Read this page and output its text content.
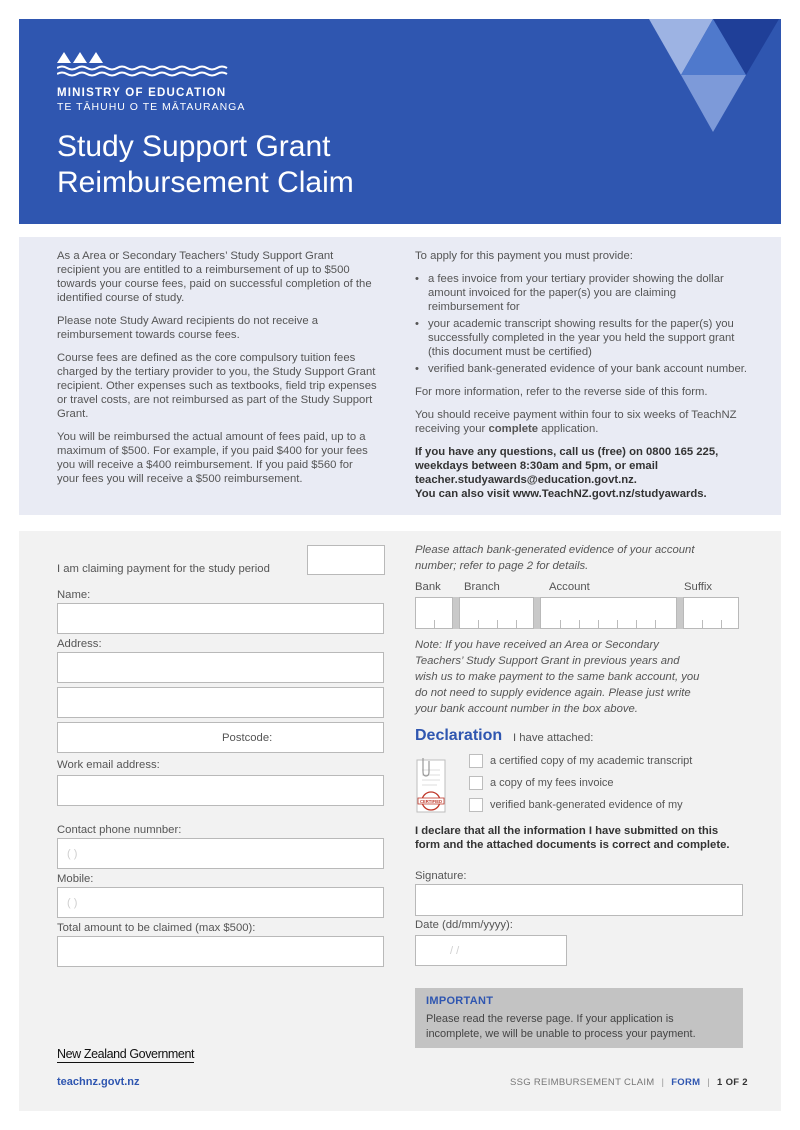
MINISTRY OF EDUCATION
TE TĀHUHU O TE MĀTAURANGA
Study Support Grant
Reimbursement Claim

As a Area or Secondary Teachers’ Study Support Grant recipient you are entitled to a reimbursement of up to $500 towards your course fees, paid on successful completion of the identified course of study.

Please note Study Award recipients do not receive a reimbursement towards course fees.

Course fees are defined as the core compulsory tuition fees charged by the tertiary provider to you, the Study Support Grant recipient. Other expenses such as textbooks, field trip expenses or travel costs, are not reimbursed as part of the Study Support Grant.

You will be reimbursed the actual amount of fees paid, up to a maximum of $500. For example, if you paid $400 for your fees you will receive a $400 reimbursement. If you paid $560 for your fees you will receive a $500 reimbursement.

To apply for this payment you must provide:

• a fees invoice from your tertiary provider showing the dollar amount invoiced for the paper(s) you are claiming reimbursement for
• your academic transcript showing results for the paper(s) you successfully completed in the year you held the support grant (this document must be certified)
• verified bank-generated evidence of your bank account number.

For more information, refer to the reverse side of this form.

You should receive payment within four to six weeks of TeachNZ receiving your complete application.

If you have any questions, call us (free) on 0800 165 225,
weekdays between 8:30am and 5pm, or email
teacher.studyawards@education.govt.nz.
You can also visit www.TeachNZ.govt.nz/studyawards.
I am claiming payment for the study period
Name:
Address:
Postcode:
Work email address:
Contact phone numnber:
( )
Mobile:
( )
Total amount to be claimed (max $500):
Please attach bank-generated evidence of your account
number; refer to page 2 for details.
Bank Branch	Account	Suffix
Note: If you have received an Area or Secondary
Teachers’ Study Support Grant in previous years and
wish us to make payment to the same bank account, you
do not need to supply evidence again. Please just write
your bank account number in the box above.
Declaration I have attached:
CERTIFIED
a certified copy of my academic transcript
a copy of my fees invoice
verified bank-generated evidence of my
I declare that all the information I have submitted on this
form and the attached documents is correct and complete.
Signature:
Date (dd/mm/yyyy):
/ /
IMPORTANT
Please read the reverse page. If your application is incomplete, we will be unable to process your payment.
New Zealand Government
teachnz.govt.nz	SSG REIMBURSEMENT CLAIM | FORM | 1 OF 2
